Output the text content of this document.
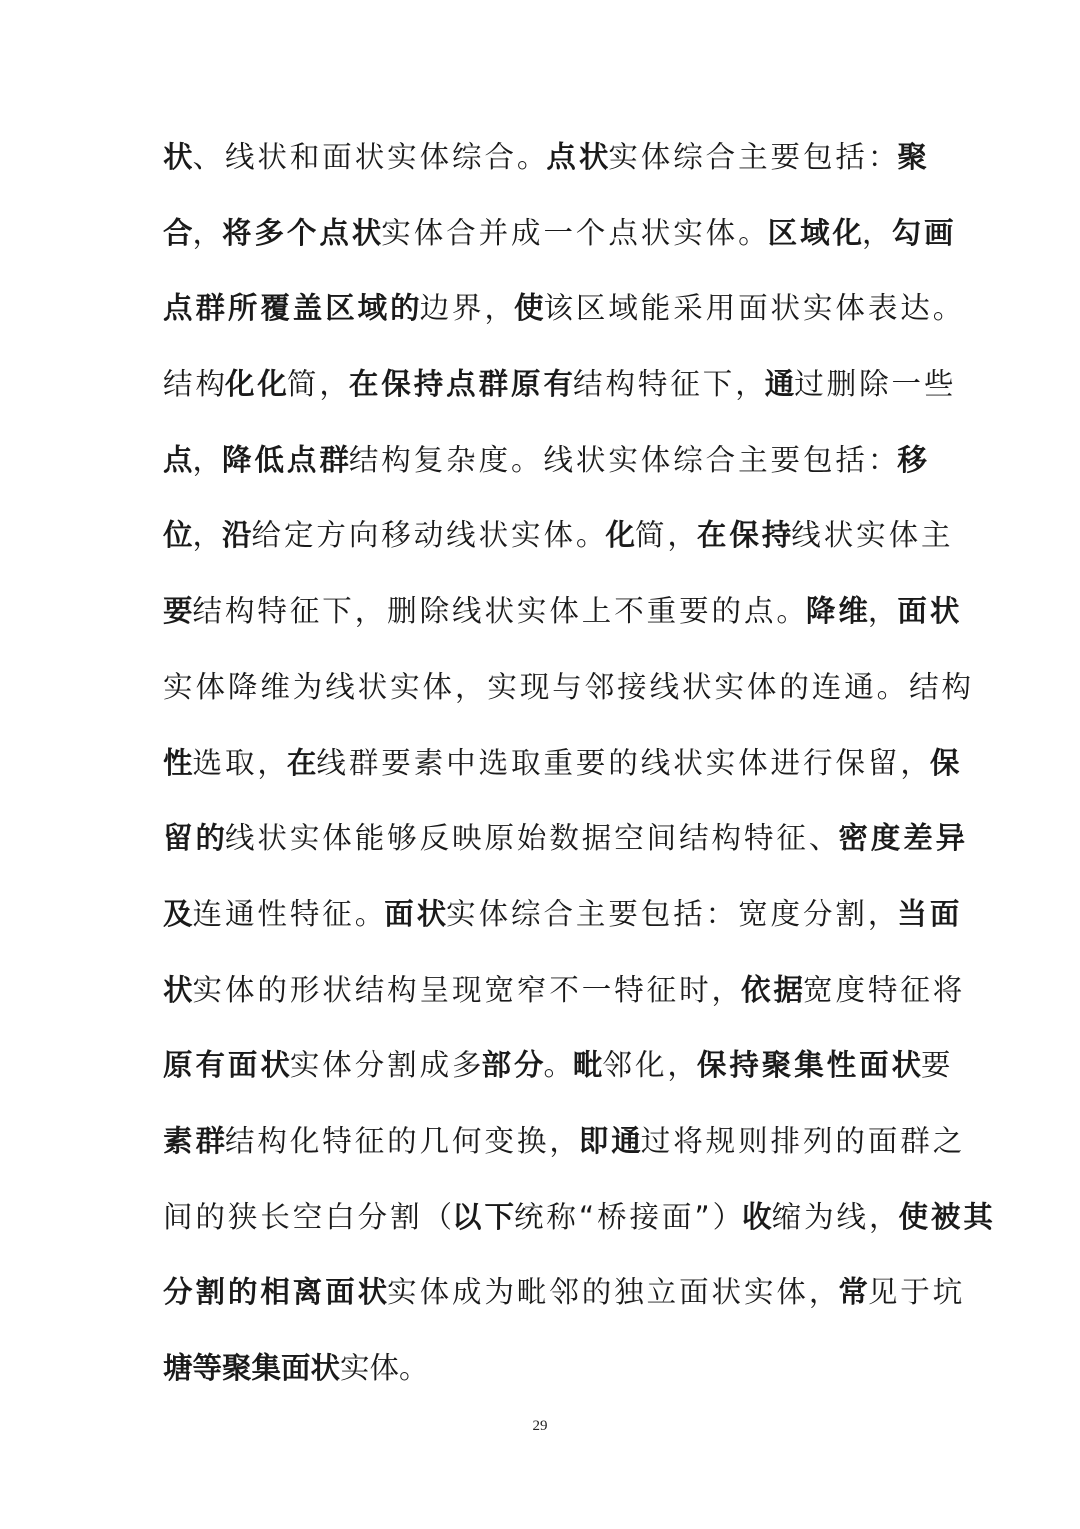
状、 线 状 和 面 状 实 体 综 合 。点 状实 体 综 合 主 要 包 括 ：聚
合，将 多 个 点 状实 体 合 并 成 一 个 点 状 实 体 。区 域 化，勾 画
点 群 所 覆 盖 区 域 的边 界 ，使该 区 域 能 采 用 面 状 实 体 表 达 。
结 构化 化简 ，在 保 持 点 群 原 有结 构 特 征 下 ，通过 删 除 一 些
点，降 低 点 群结 构 复 杂 度 。 线 状 实 体 综 合 主 要 包 括 ：移
位，沿给 定 方 向 移 动 线 状 实 体 。化简 ，在 保 持线 状 实 体 主
要结 构 特 征 下 ， 删 除 线 状 实 体 上 不 重 要 的 点 。降 维，面 状
实 体 降 维 为 线 状 实 体 ， 实 现 与 邻 接 线 状 实 体 的 连 通 。 结 构
性选 取 ，在线 群 要 素 中 选 取 重 要 的 线 状 实 体 进 行 保 留 ，保
留 的线 状 实 体 能 够 反 映 原 始 数 据 空 间 结 构 特 征 、密 度 差 异
及连 通 性 特 征 。面 状实 体 综 合 主 要 包 括 ： 宽 度 分 割 ，当 面
状实 体 的 形 状 结 构 呈 现 宽 窄 不 一 特 征 时 ，依 据宽 度 特 征 将
原 有 面 状实 体 分 割 成 多部 分。毗邻 化 ，保 持 聚 集 性 面 状要
素 群结 构 化 特 征 的 几 何 变 换 ，即 通过 将 规 则 排 列 的 面 群 之
间 的 狭 长 空 白 分 割 （以 下统 称 “ 桥 接 面 ” ）收缩 为 线 ，使 被 其
分 割 的 相 离 面 状实 体 成 为 毗 邻 的 独 立 面 状 实 体 ，常见 于 坑
塘等聚集面状实体。
29
